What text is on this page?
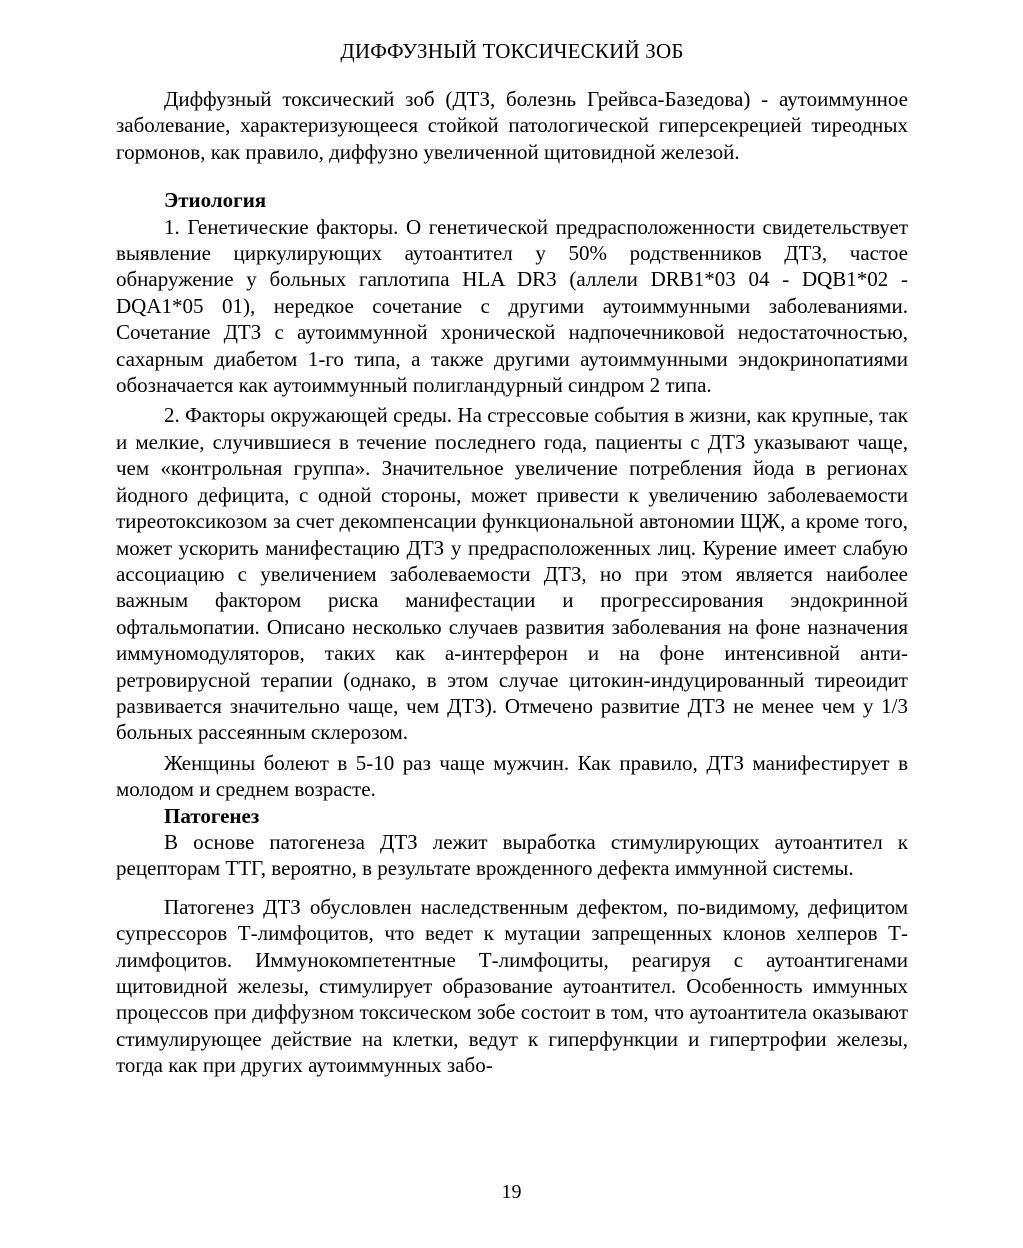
ДИФФУЗНЫЙ ТОКСИЧЕСКИЙ ЗОБ

Диффузный токсический зоб (ДТЗ, болезнь Грейвса-Базедова) - аутоиммунное заболевание, характеризующееся стойкой патологической гиперсекрецией тиреодных гормонов, как правило, диффузно увеличенной щитовидной железой.

Этиология

1. Генетические факторы. О генетической предрасположенности свидетельствует выявление циркулирующих аутоантител у 50% родственников ДТЗ, частое обнаружение у больных гаплотипа HLA DR3 (аллели DRB1*03 04 - DQB1*02 - DQA1*05 01), нередкое сочетание с другими аутоиммунными заболеваниями. Сочетание ДТЗ с аутоиммунной хронической надпочечниковой недостаточностью, сахарным диабетом 1-го типа, а также другими аутоиммунными эндокринопатиями обозначается как аутоиммунный полигландурный синдром 2 типа.

2. Факторы окружающей среды. На стрессовые события в жизни, как крупные, так и мелкие, случившиеся в течение последнего года, пациенты с ДТЗ указывают чаще, чем «контрольная группа». Значительное увеличение потребления йода в регионах йодного дефицита, с одной стороны, может привести к увеличению заболеваемости тиреотоксикозом за счет декомпенсации функциональной автономии ЩЖ, а кроме того, может ускорить манифестацию ДТЗ у предрасположенных лиц. Курение имеет слабую ассоциацию с увеличением заболеваемости ДТЗ, но при этом является наиболее важным фактором риска манифестации и прогрессирования эндокринной офтальмопатии. Описано несколько случаев развития заболевания на фоне назначения иммуномодуляторов, таких как а-интерферон и на фоне интенсивной анти-ретровирусной терапии (однако, в этом случае цитокин-индуцированный тиреоидит развивается значительно чаще, чем ДТЗ). Отмечено развитие ДТЗ не менее чем у 1/3 больных рассеянным склерозом.

Женщины болеют в 5-10 раз чаще мужчин. Как правило, ДТЗ манифестирует в молодом и среднем возрасте.

Патогенез

В основе патогенеза ДТЗ лежит выработка стимулирующих аутоантител к рецепторам ТТГ, вероятно, в результате врожденного дефекта иммунной системы.

Патогенез ДТЗ обусловлен наследственным дефектом, по-видимому, дефицитом супрессоров Т-лимфоцитов, что ведет к мутации запрещенных клонов хелперов Т-лимфоцитов. Иммунокомпетентные Т-лимфоциты, реагируя с аутоантигенами щитовидной железы, стимулирует образование аутоантител. Особенность иммунных процессов при диффузном токсическом зобе состоит в том, что аутоантитела оказывают стимулирующее действие на клетки, ведут к гиперфункции и гипертрофии железы, тогда как при других аутоиммунных забо-

19
